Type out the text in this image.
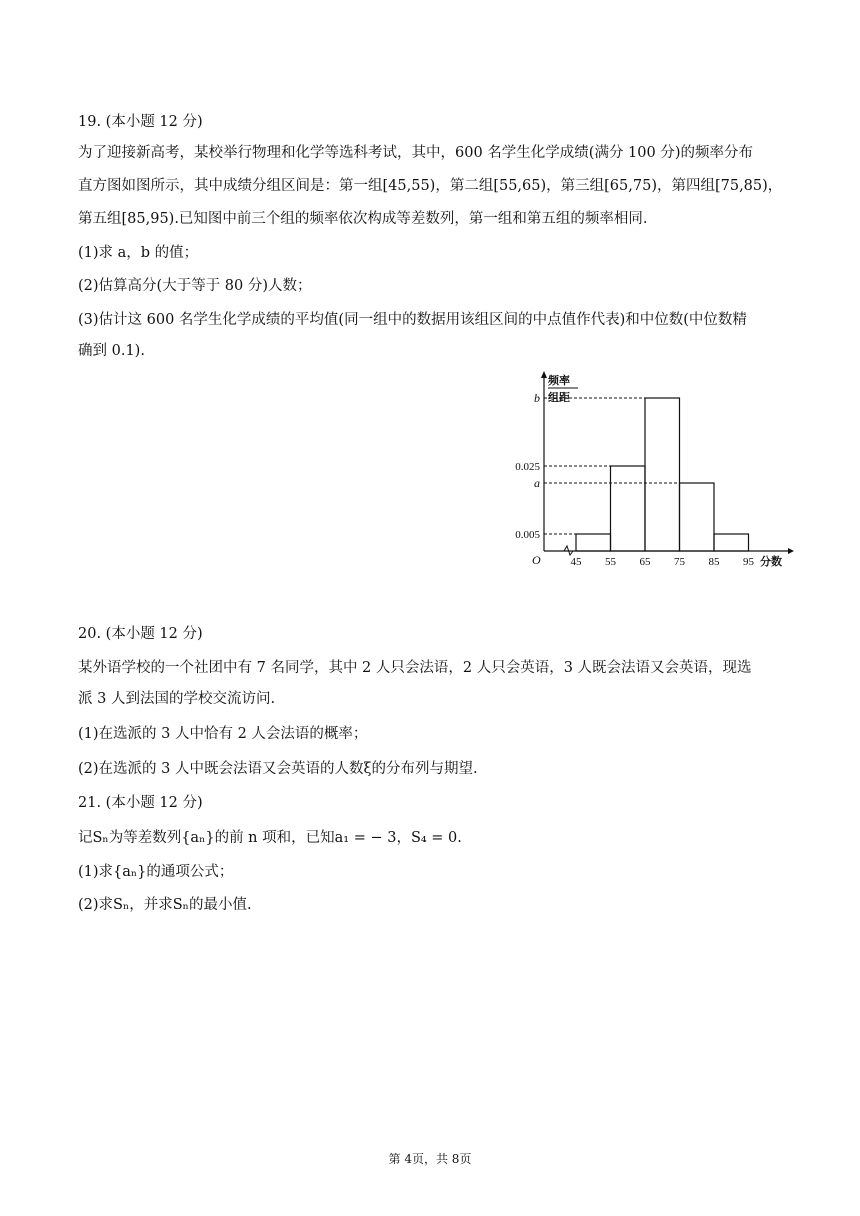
19. (本小题 12 分)
为了迎接新高考，某校举行物理和化学等选科考试，其中，600 名学生化学成绩(满分 100 分)的频率分布
直方图如图所示，其中成绩分组区间是：第一组[45,55)，第二组[55,65)，第三组[65,75)，第四组[75,85)，
第五组[85,95).已知图中前三个组的频率依次构成等差数列，第一组和第五组的频率相同.
(1)求 a，b 的值；
(2)估算高分(大于等于 80 分)人数；
(3)估计这 600 名学生化学成绩的平均值(同一组中的数据用该组区间的中点值作代表)和中位数(中位数精
确到 0.1).
频率
组距
O
b
0.025
a
0.005
45 55 65 75 85 95 分数
20. (本小题 12 分)
某外语学校的一个社团中有 7 名同学，其中 2 人只会法语，2 人只会英语，3 人既会法语又会英语，现选
派 3 人到法国的学校交流访问.
(1)在选派的 3 人中恰有 2 人会法语的概率；
(2)在选派的 3 人中既会法语又会英语的人数ξ的分布列与期望.
21. (本小题 12 分)
记Sₙ为等差数列{aₙ}的前 n 项和，已知a₁ = − 3，S₄ = 0.
(1)求{aₙ}的通项公式；
(2)求Sₙ，并求Sₙ的最小值.
第 4页，共 8页
